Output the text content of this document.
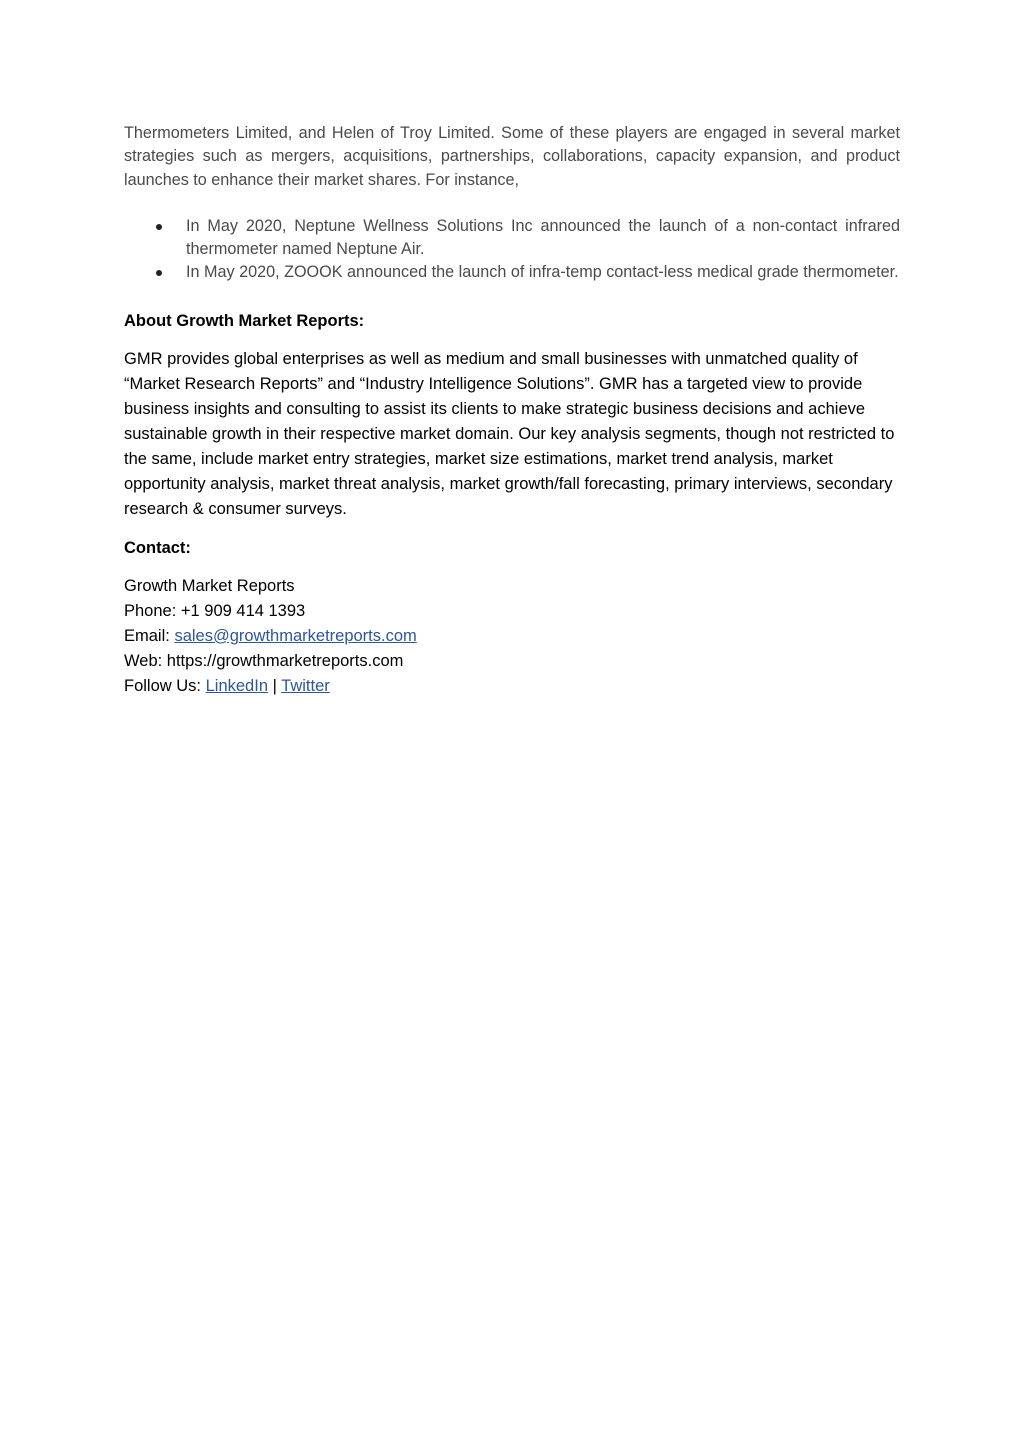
Thermometers Limited, and Helen of Troy Limited. Some of these players are engaged in several market strategies such as mergers, acquisitions, partnerships, collaborations, capacity expansion, and product launches to enhance their market shares. For instance,

In May 2020, Neptune Wellness Solutions Inc announced the launch of a non-contact infrared thermometer named Neptune Air.
In May 2020, ZOOOK announced the launch of infra-temp contact-less medical grade thermometer.
About Growth Market Reports:

GMR provides global enterprises as well as medium and small businesses with unmatched quality of “Market Research Reports” and “Industry Intelligence Solutions”. GMR has a targeted view to provide business insights and consulting to assist its clients to make strategic business decisions and achieve sustainable growth in their respective market domain. Our key analysis segments, though not restricted to the same, include market entry strategies, market size estimations, market trend analysis, market opportunity analysis, market threat analysis, market growth/fall forecasting, primary interviews, secondary research & consumer surveys.

Contact:
Growth Market Reports
Phone: +1 909 414 1393
Email: sales@growthmarketreports.com
Web: https://growthmarketreports.com
Follow Us: LinkedIn | Twitter
